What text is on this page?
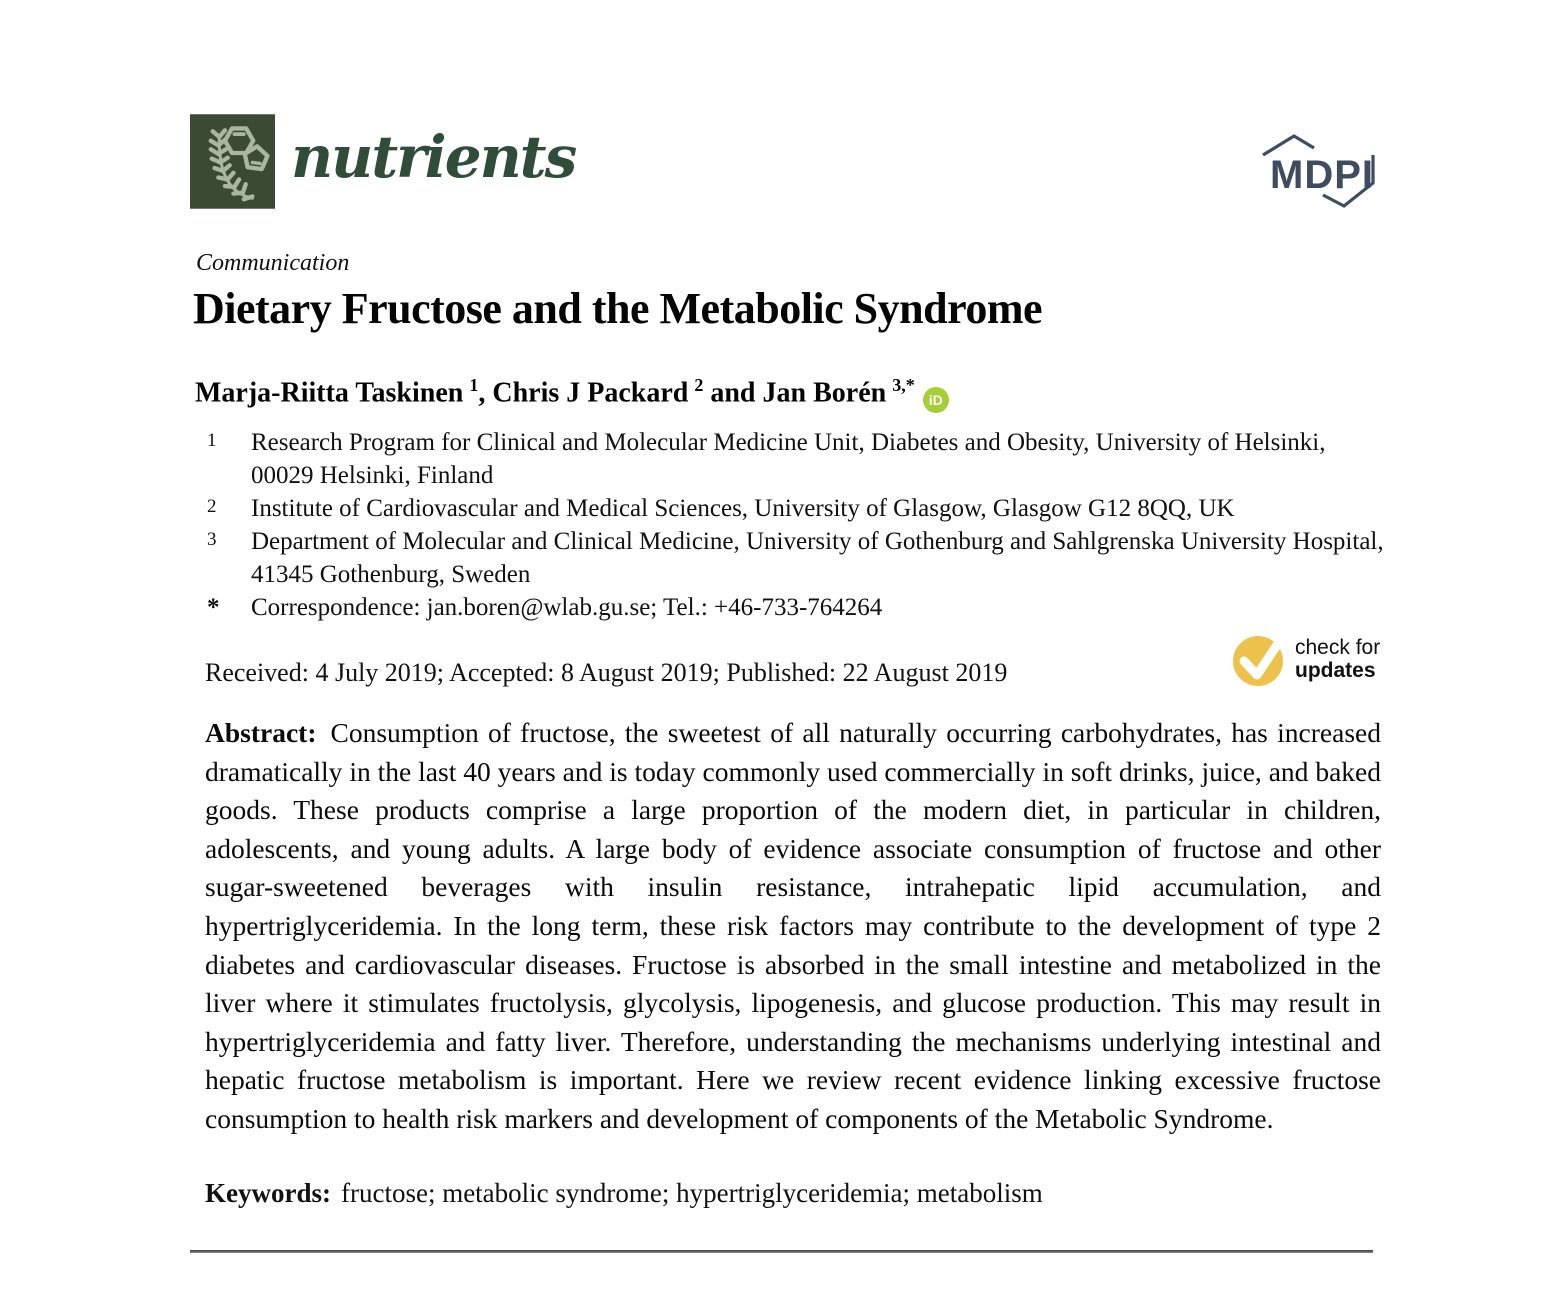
nutrients	MDPI
Communication
Dietary Fructose and the Metabolic Syndrome
Marja-Riitta Taskinen $^1$, Chris J Packard $^2$ and Jan Borén $^{3,*}$
iD
1	Research Program for Clinical and Molecular Medicine Unit, Diabetes and Obesity, University of Helsinki, 00029 Helsinki, Finland
2	Institute of Cardiovascular and Medical Sciences, University of Glasgow, Glasgow G12 8QQ, UK
3	Department of Molecular and Clinical Medicine, University of Gothenburg and Sahlgrenska University Hospital, 41345 Gothenburg, Sweden
*	Correspondence: jan.boren@wlab.gu.se; Tel.: +46-733-764264
Received: 4 July 2019; Accepted: 8 August 2019; Published: 22 August 2019
check for
updates
Abstract: Consumption of fructose, the sweetest of all naturally occurring carbohydrates, has increased dramatically in the last 40 years and is today commonly used commercially in soft drinks, juice, and baked goods. These products comprise a large proportion of the modern diet, in particular in children, adolescents, and young adults. A large body of evidence associate consumption of fructose and other sugar-sweetened beverages with insulin resistance, intrahepatic lipid accumulation, and hypertriglyceridemia. In the long term, these risk factors may contribute to the development of type 2 diabetes and cardiovascular diseases. Fructose is absorbed in the small intestine and metabolized in the liver where it stimulates fructolysis, glycolysis, lipogenesis, and glucose production. This may result in hypertriglyceridemia and fatty liver. Therefore, understanding the mechanisms underlying intestinal and hepatic fructose metabolism is important. Here we review recent evidence linking excessive fructose consumption to health risk markers and development of components of the Metabolic Syndrome.
Keywords: fructose; metabolic syndrome; hypertriglyceridemia; metabolism
